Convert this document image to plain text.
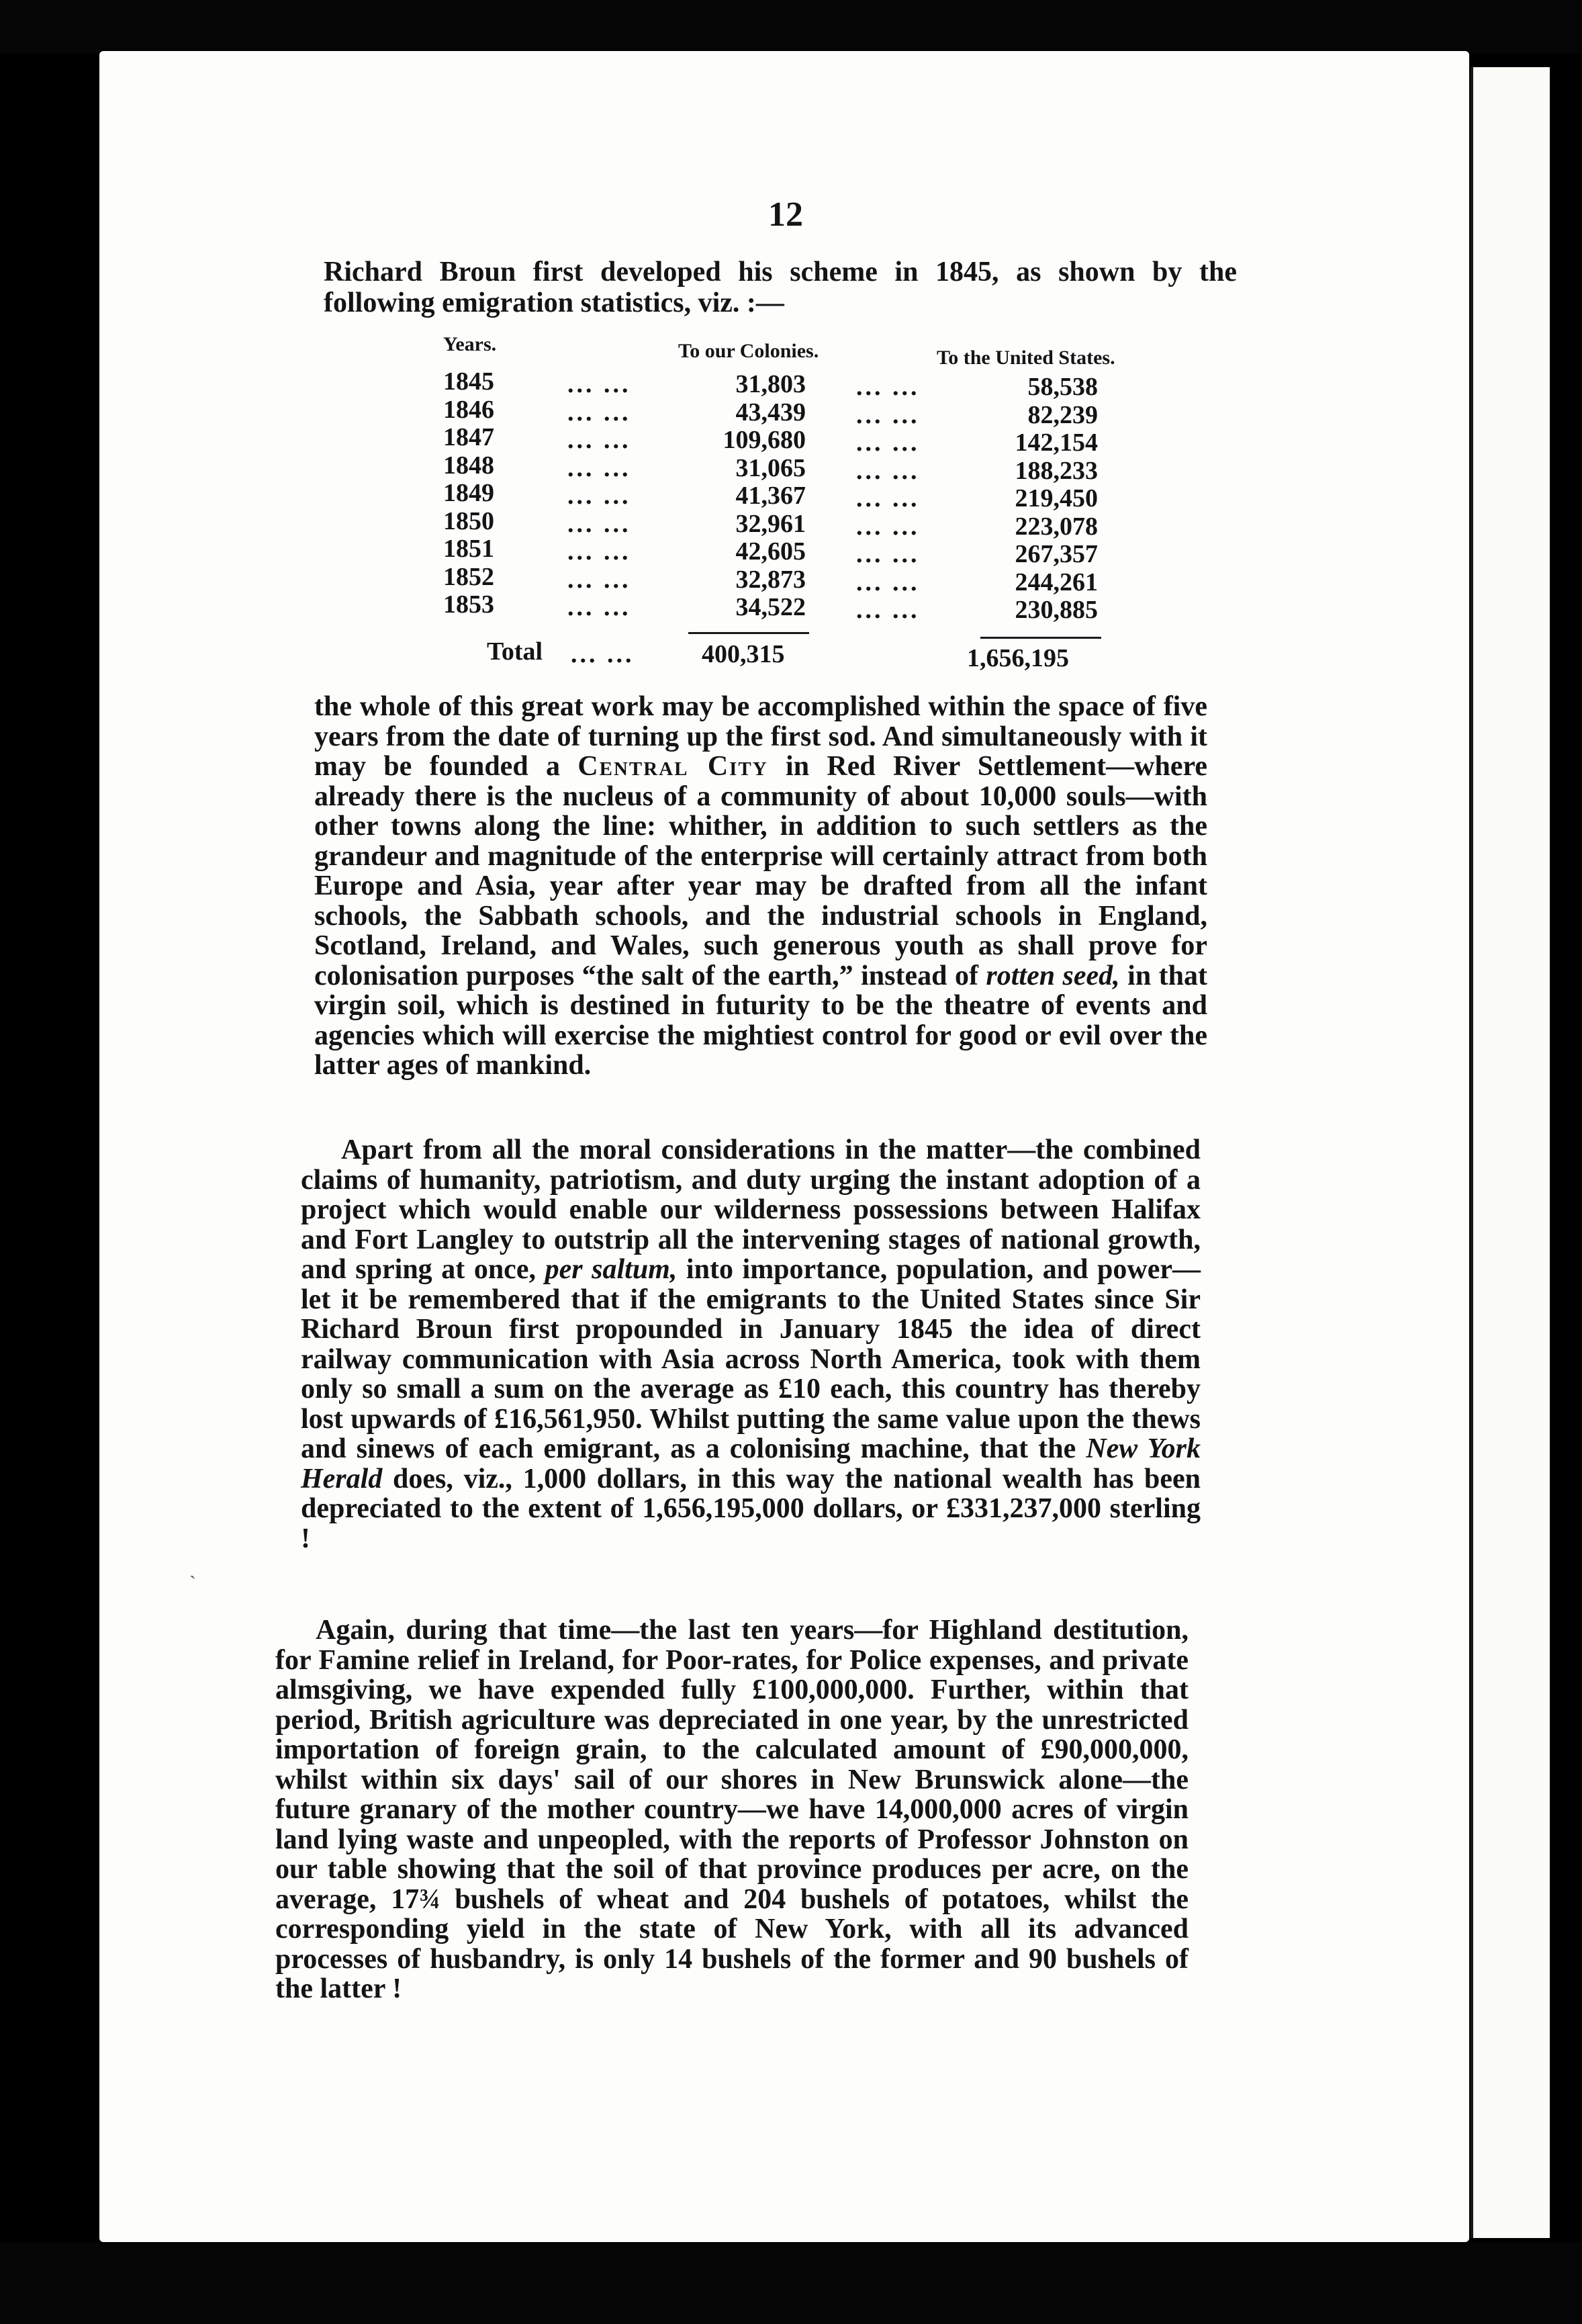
12

Richard Broun first developed his scheme in 1845, as shown by the following emigration statistics, viz. :—

Years.	To our Colonies.	To the United States.
1845	... ...	31,803 ... ...	58,538
1846	... ...	43,439 ... ...	82,239
1847	... ...	109,680 ... ...	142,154
1848	... ...	31,065 ... ...	188,233
1849	... ...	41,367 ... ...	219,450
1850	... ...	32,961 ... ...	223,078
1851	... ...	42,605 ... ...	267,357
1852	... ...	32,873 ... ...	244,261
1853	... ...	34,522 ... ...	230,885
Total ... ...	400,315	1,656,195

the whole of this great work may be accomplished within the space of five years from the date of turning up the first sod. And simultaneously with it may be founded a Central City in Red River Settlement—where already there is the nucleus of a community of about 10,000 souls—with other towns along the line: whither, in addition to such settlers as the grandeur and magnitude of the enterprise will certainly attract from both Europe and Asia, year after year may be drafted from all the infant schools, the Sabbath schools, and the industrial schools in England, Scotland, Ireland, and Wales, such generous youth as shall prove for colonisation purposes “the salt of the earth,” instead of rotten seed, in that virgin soil, which is destined in futurity to be the theatre of events and agencies which will exercise the mightiest control for good or evil over the latter ages of mankind.

Apart from all the moral considerations in the matter—the combined claims of humanity, patriotism, and duty urging the instant adoption of a project which would enable our wilderness possessions between Halifax and Fort Langley to outstrip all the intervening stages of national growth, and spring at once, per saltum, into importance, population, and power—let it be remembered that if the emigrants to the United States since Sir Richard Broun first propounded in January 1845 the idea of direct railway communication with Asia across North America, took with them only so small a sum on the average as £10 each, this country has thereby lost upwards of £16,561,950. Whilst putting the same value upon the thews and sinews of each emigrant, as a colonising machine, that the New York Herald does, viz., 1,000 dollars, in this way the national wealth has been depreciated to the extent of 1,656,195,000 dollars, or £331,237,000 sterling !

ˏ

Again, during that time—the last ten years—for Highland destitution, for Famine relief in Ireland, for Poor-rates, for Police expenses, and private almsgiving, we have expended fully £100,000,000. Further, within that period, British agriculture was depreciated in one year, by the unrestricted importation of foreign grain, to the calculated amount of £90,000,000, whilst within six days' sail of our shores in New Brunswick alone—the future granary of the mother country—we have 14,000,000 acres of virgin land lying waste and unpeopled, with the reports of Professor Johnston on our table showing that the soil of that province produces per acre, on the average, 17¾ bushels of wheat and 204 bushels of potatoes, whilst the corresponding yield in the state of New York, with all its advanced processes of husbandry, is only 14 bushels of the former and 90 bushels of the latter !
